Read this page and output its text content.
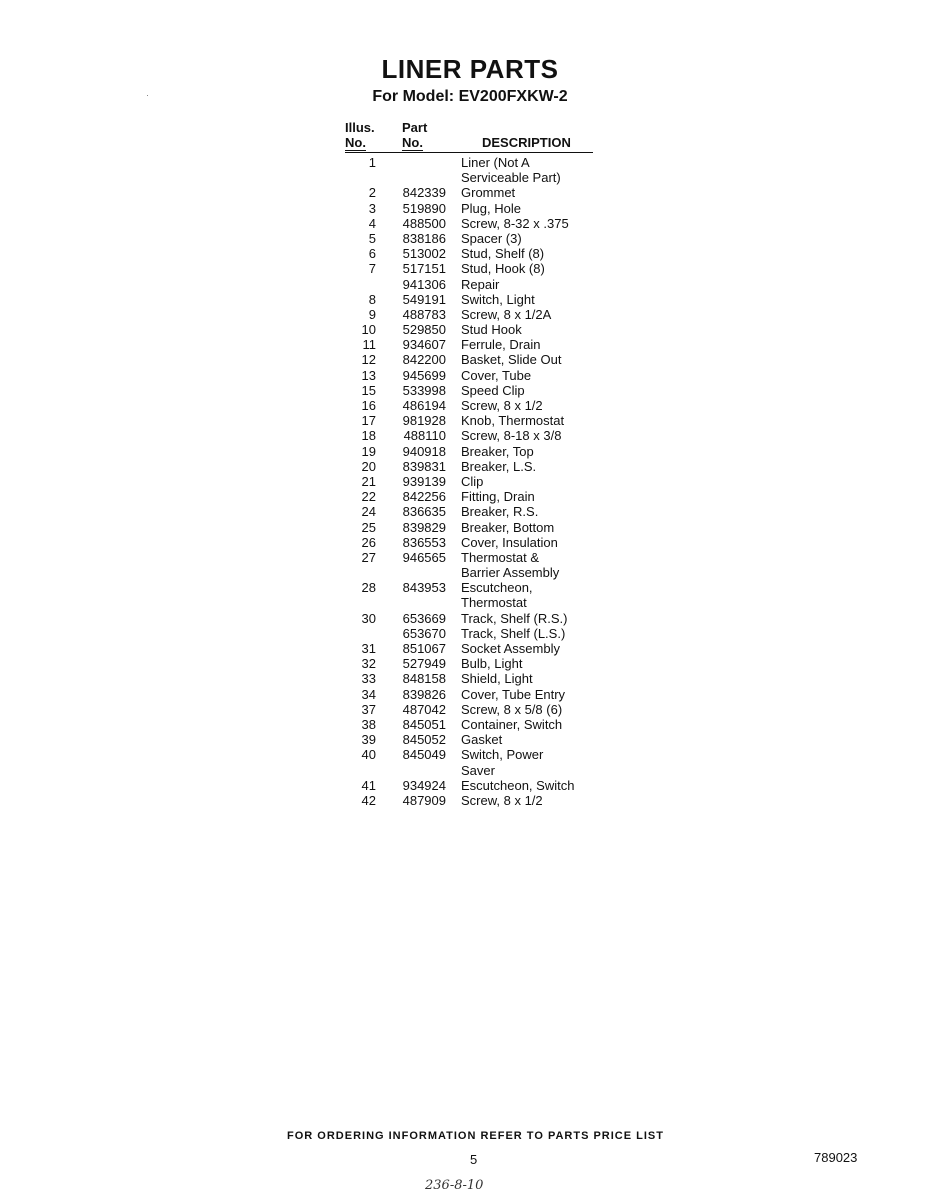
LINER PARTS
For Model: EV200FXKW-2
Illus.
No.
Part
No.	DESCRIPTION
1	Liner (Not A
Serviceable Part)
2	842339 Grommet
3	519890 Plug, Hole
4	488500 Screw, 8-32 x .375
5	838186 Spacer (3)
6	513002 Stud, Shelf (8)
7	517151 Stud, Hook (8)
941306 Repair
8	549191 Switch, Light
9	488783 Screw, 8 x 1/2A
10	529850 Stud Hook
11	934607 Ferrule, Drain
12	842200 Basket, Slide Out
13	945699 Cover, Tube
15	533998 Speed Clip
16	486194 Screw, 8 x 1/2
17	981928 Knob, Thermostat
18	488110 Screw, 8-18 x 3/8
19	940918 Breaker, Top
20	839831 Breaker, L.S.
21	939139 Clip
22	842256 Fitting, Drain
24	836635 Breaker, R.S.
25	839829 Breaker, Bottom
26	836553 Cover, Insulation
27	946565 Thermostat &
Barrier Assembly
28	843953 Escutcheon,
Thermostat
30	653669 Track, Shelf (R.S.)
653670 Track, Shelf (L.S.)
31	851067 Socket Assembly
32	527949 Bulb, Light
33	848158 Shield, Light
34	839826 Cover, Tube Entry
37	487042 Screw, 8 x 5/8 (6)
38	845051 Container, Switch
39	845052 Gasket
40	845049 Switch, Power
Saver
41	934924 Escutcheon, Switch
42	487909 Screw, 8 x 1/2
FOR ORDERING INFORMATION REFER TO PARTS PRICE LIST
5	789023
236-8-10
